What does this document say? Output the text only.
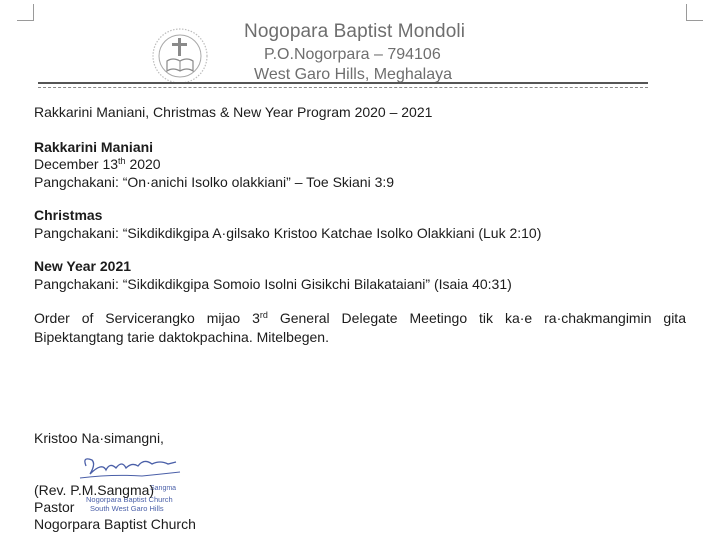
Nogopara Baptist Mondoli
P.O.Nogorpara – 794106
West Garo Hills, Meghalaya
Rakkarini Maniani, Christmas & New Year Program 2020 – 2021
Rakkarini Maniani
December 13th 2020
Pangchakani: “On·anichi Isolko olakkiani” – Toe Skiani 3:9
Christmas
Pangchakani: “Sikdikdikgipa A·gilsako Kristoo Katchae Isolko Olakkiani (Luk 2:10)
New Year 2021
Pangchakani: “Sikdikdikgipa Somoio Isolni Gisikchi Bilakataiani” (Isaia 40:31)
Order of Servicerangko mijao 3rd General Delegate Meetingo tik ka·e ra·chakmangimin gita Bipektangtang tarie daktokpachina. Mitelbegen.
Kristoo Na·simangni,
Sangma
Nogorpara Baptist Church
South West Garo Hills
(Rev. P.M.Sangma)
Pastor
Nogorpara Baptist Church
